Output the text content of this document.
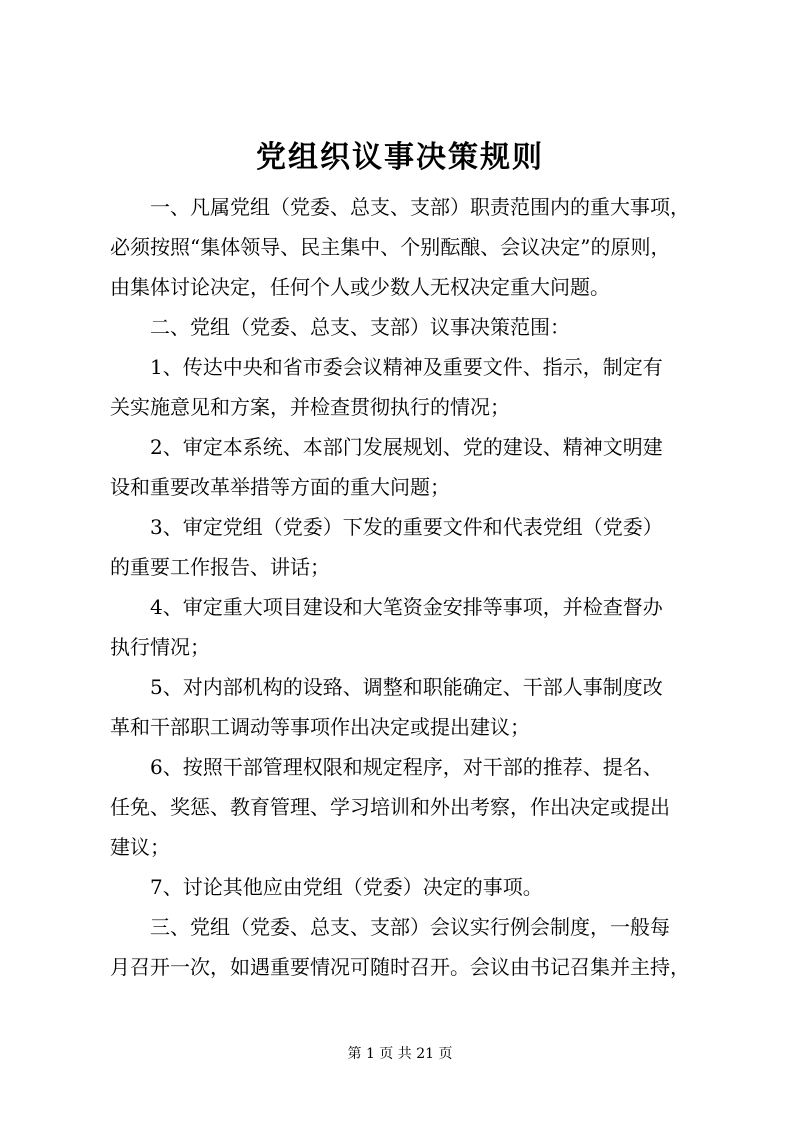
党组织议事决策规则
一、凡属党组（党委、总支、支部）职责范围内的重大事项，
必须按照“集体领导、民主集中、个别酝酿、会议决定”的原则，
由集体讨论决定，任何个人或少数人无权决定重大问题。
二、党组（党委、总支、支部）议事决策范围：
1、传达中央和省市委会议精神及重要文件、指示，制定有
关实施意见和方案，并检查贯彻执行的情况；
2、审定本系统、本部门发展规划、党的建设、精神文明建
设和重要改革举措等方面的重大问题；
3、审定党组（党委）下发的重要文件和代表党组（党委）
的重要工作报告、讲话；
4、审定重大项目建设和大笔资金安排等事项，并检查督办
执行情况；
5、对内部机构的设臵、调整和职能确定、干部人事制度改
革和干部职工调动等事项作出决定或提出建议；
6、按照干部管理权限和规定程序，对干部的推荐、提名、
任免、奖惩、教育管理、学习培训和外出考察，作出决定或提出
建议；
7、讨论其他应由党组（党委）决定的事项。
三、党组（党委、总支、支部）会议实行例会制度，一般每
月召开一次，如遇重要情况可随时召开。会议由书记召集并主持，
第 1 页 共 21 页
